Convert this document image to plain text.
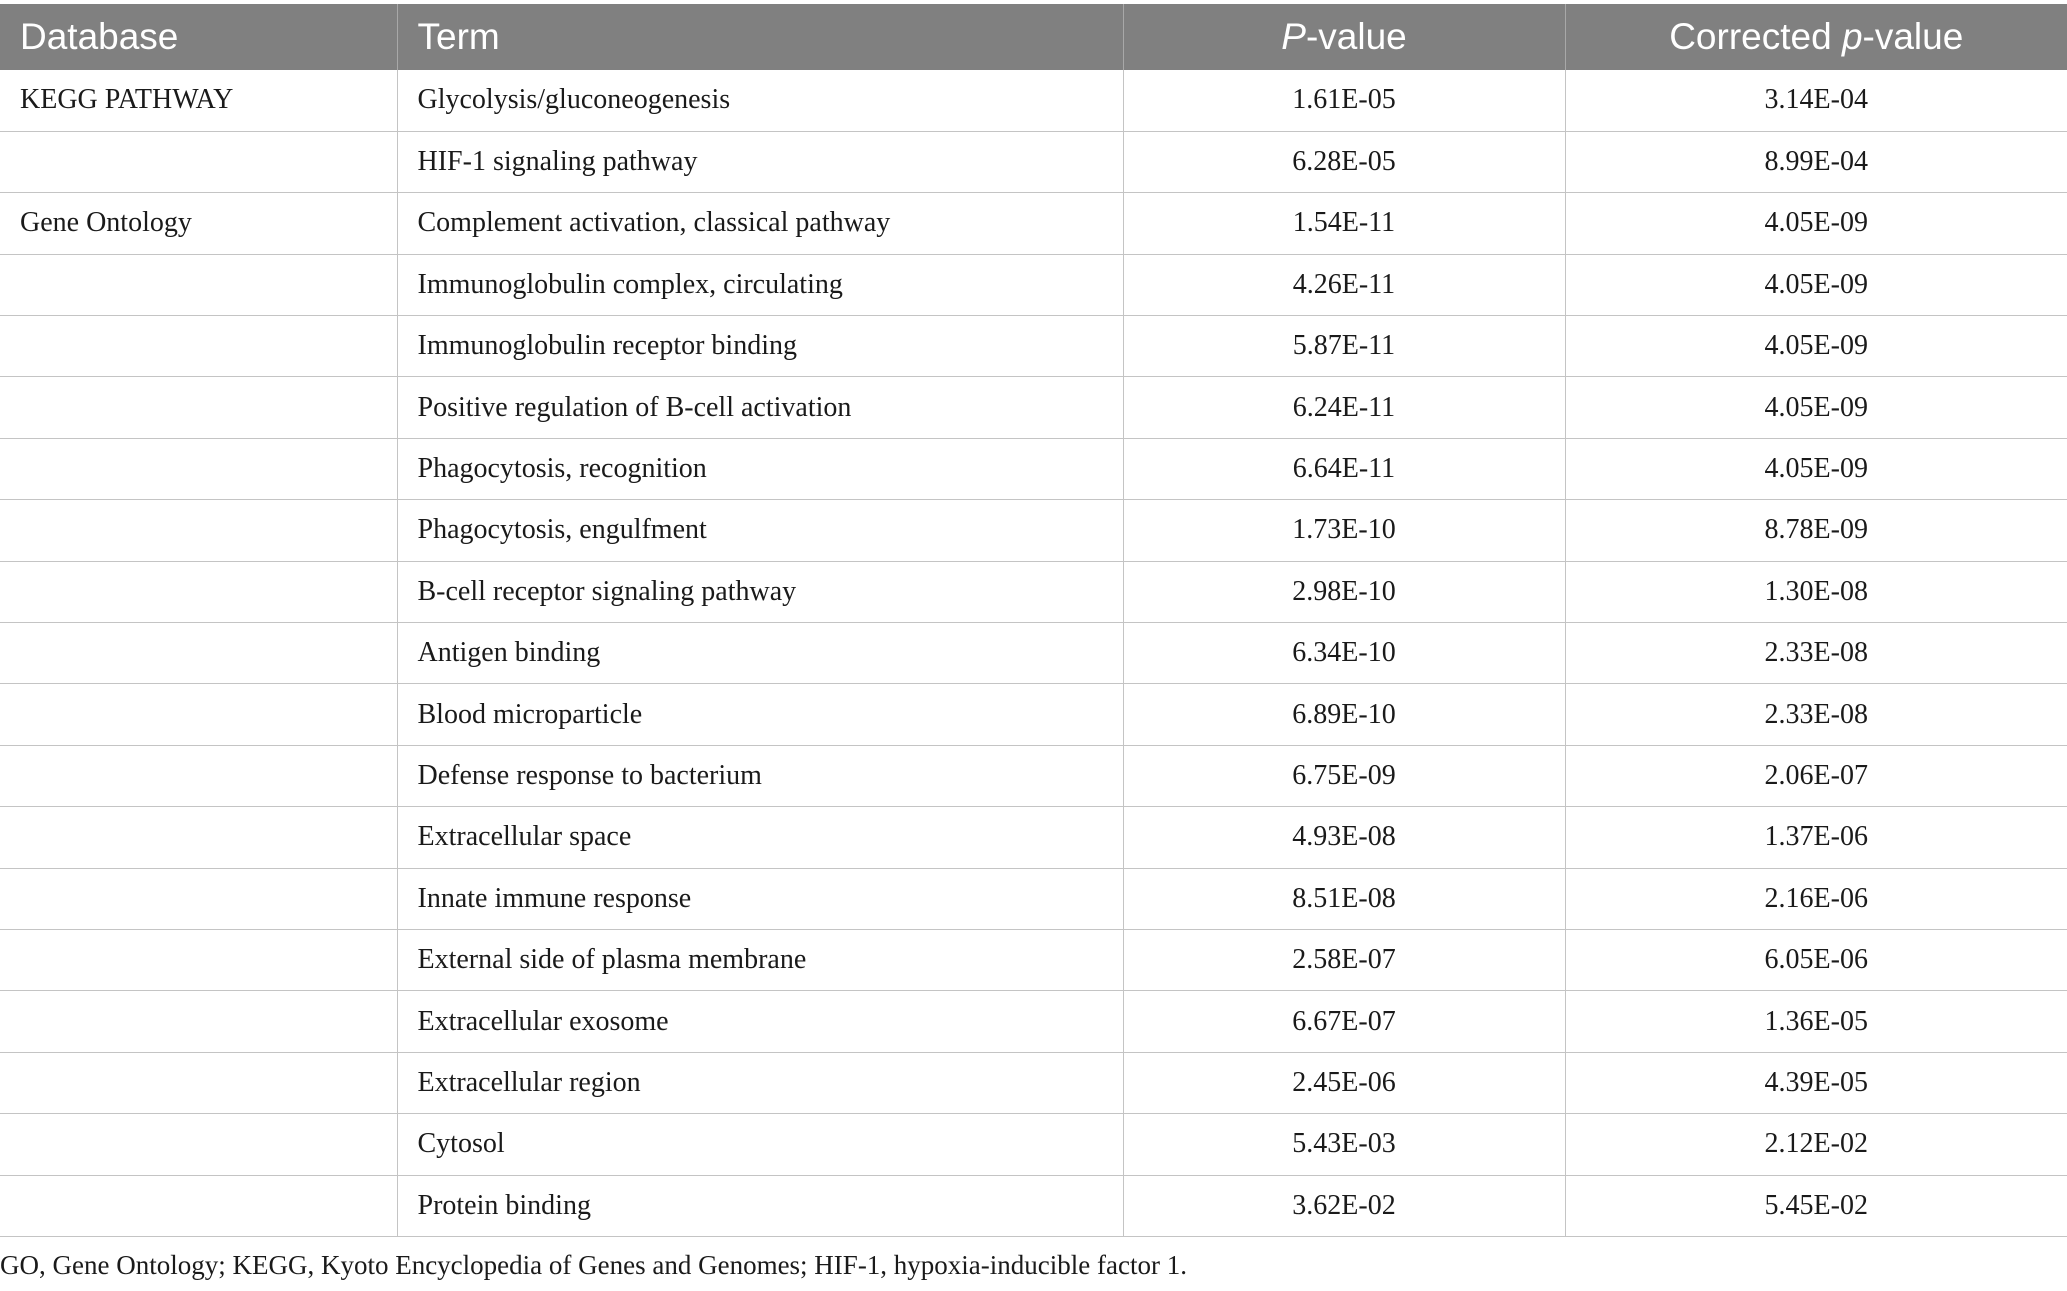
Database	Term	P-value	Corrected p-value
KEGG PATHWAY	Glycolysis/gluconeogenesis	1.61E-05	3.14E-04
	HIF-1 signaling pathway	6.28E-05	8.99E-04
Gene Ontology	Complement activation, classical pathway	1.54E-11	4.05E-09
	Immunoglobulin complex, circulating	4.26E-11	4.05E-09
	Immunoglobulin receptor binding	5.87E-11	4.05E-09
	Positive regulation of B-cell activation	6.24E-11	4.05E-09
	Phagocytosis, recognition	6.64E-11	4.05E-09
	Phagocytosis, engulfment	1.73E-10	8.78E-09
	B-cell receptor signaling pathway	2.98E-10	1.30E-08
	Antigen binding	6.34E-10	2.33E-08
	Blood microparticle	6.89E-10	2.33E-08
	Defense response to bacterium	6.75E-09	2.06E-07
	Extracellular space	4.93E-08	1.37E-06
	Innate immune response	8.51E-08	2.16E-06
	External side of plasma membrane	2.58E-07	6.05E-06
	Extracellular exosome	6.67E-07	1.36E-05
	Extracellular region	2.45E-06	4.39E-05
	Cytosol	5.43E-03	2.12E-02
	Protein binding	3.62E-02	5.45E-02
GO, Gene Ontology; KEGG, Kyoto Encyclopedia of Genes and Genomes; HIF-1, hypoxia-inducible factor 1.
